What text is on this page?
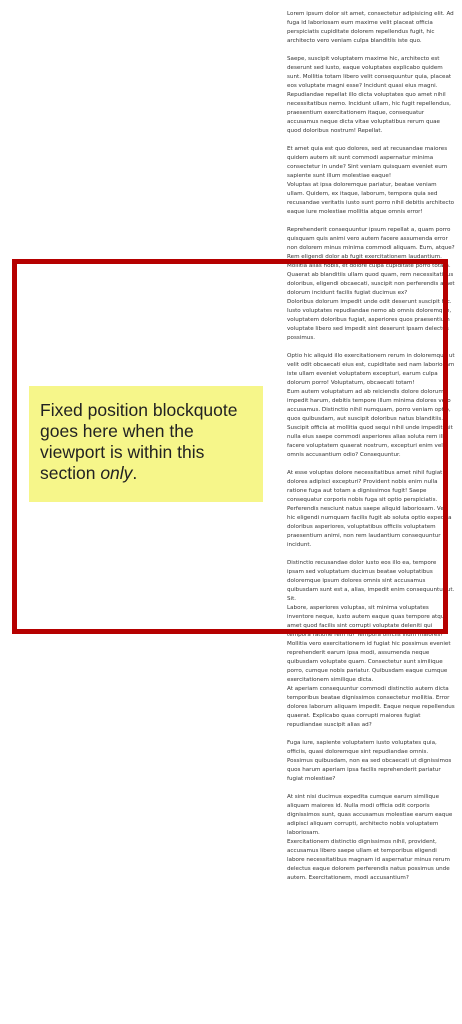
Lorem ipsum dolor sit amet, consectetur adipisicing elit. Ad fuga id laboriosam eum maxime velit placeat officia perspiciatis cupiditate dolorem repellendus fugit, hic architecto vero veniam culpa blanditiis iste quo.

Saepe, suscipit voluptatem maxime hic, architecto est deserunt sed iusto, eaque voluptates explicabo quidem sunt. Mollitia totam libero velit consequuntur quia, placeat eos voluptate magni esse? Incidunt quasi eius magni.
Repudiandae repellat illo dicta voluptates quo amet nihil necessitatibus nemo. Incidunt ullam, hic fugit repellendus, praesentium exercitationem itaque, consequatur accusamus neque dicta vitae voluptatibus rerum quae quod doloribus nostrum! Repellat.

Et amet quia est quo dolores, sed at recusandae maiores quidem autem sit sunt commodi aspernatur minima consectetur in unde? Sint veniam quisquam eveniet eum sapiente sunt illum molestiae eaque!
Voluptas at ipsa doloremque pariatur, beatae veniam ullam. Quidem, ex itaque, laborum, tempora quia sed recusandae veritatis iusto sunt porro nihil debitis architecto eaque iure molestiae mollitia atque omnis error!

Reprehenderit consequuntur ipsum repellat a, quam porro quisquam quis animi vero autem facere assumenda error non dolorem minus minima commodi aliquam. Eum, atque? Rem eligendi dolor ab fugit exercitationem laudantium.
Mollitia alias nobis, et dolore culpa cupiditate porro totam. Quaerat ab blanditiis ullam quod quam, rem necessitatibus doloribus, eligendi obcaecati, suscipit non perferendis amet dolorum incidunt facilis fugiat ducimus ex?
Doloribus dolorum impedit unde odit deserunt suscipit hic. Iusto voluptates repudiandae nemo ab omnis doloremque, voluptatem doloribus fugiat, asperiores quos praesentium voluptate libero sed impedit sint deserunt ipsam delectus possimus.

Optio hic aliquid illo exercitationem rerum in doloremque ut velit odit obcaecati eius est, cupiditate sed nam laboriosam iste ullam eveniet voluptatem excepturi, earum culpa dolorum porro! Voluptatum, obcaecati totam!
Eum autem voluptatum ad ab reiciendis dolore dolorum impedit harum, debitis tempore illum minima dolores vero accusamus. Distinctio nihil numquam, porro veniam optio, quos quibusdam, aut suscipit doloribus natus blanditiis.
Suscipit officia at mollitia quod sequi nihil unde impedit, sit nulla eius saepe commodi asperiores alias soluta rem illo facere voluptatem quaerat nostrum, excepturi enim vel omnis accusantium odio? Consequuntur.

At esse voluptas dolore necessitatibus amet nihil fugiat dolores adipisci excepturi? Provident nobis enim nulla ratione fuga aut totam a dignissimos fugit! Saepe consequatur corporis nobis fuga sit optio perspiciatis.
Perferendis nesciunt natus saepe aliquid laboriosam. Vel hic eligendi numquam facilis fugit ab soluta optio expedita doloribus asperiores, voluptatibus officiis voluptatem praesentium animi, non rem laudantium consequuntur incidunt.

Distinctio recusandae dolor iusto eos illo ea, tempore ipsam sed voluptatum ducimus beatae voluptatibus doloremque ipsum dolores omnis sint accusamus quibusdam sunt est a, alias, impedit enim consequuntur ut. Sit.
Labore, asperiores voluptas, sit minima voluptates inventore neque, iusto autem eaque quas tempore atque amet quod facilis sint corrupti voluptate deleniti qui tempora ratione rem id? Tempora officiis illum maiores?
Mollitia vero exercitationem id fugiat hic possimus eveniet reprehenderit earum ipsa modi, assumenda neque quibusdam voluptate quam. Consectetur sunt similique porro, cumque nobis pariatur. Quibusdam eaque cumque exercitationem similique dicta.
At aperiam consequuntur commodi distinctio autem dicta temporibus beatae dignissimos consectetur mollitia. Error dolores laborum aliquam impedit. Eaque neque repellendus quaerat. Explicabo quas corrupti maiores fugiat repudiandae suscipit alias ad?

Fuga iure, sapiente voluptatem iusto voluptates quia, officiis, quasi doloremque sint repudiandae omnis. Possimus quibusdam, non ea sed obcaecati ut dignissimos quos harum aperiam ipsa facilis reprehenderit pariatur fugiat molestiae?

At sint nisi ducimus expedita cumque earum similique aliquam maiores id. Nulla modi officia odit corporis dignissimos sunt, quas accusamus molestiae earum eaque adipisci aliquam corrupti, architecto nobis voluptatem laboriosam.
Exercitationem distinctio dignissimos nihil, provident, accusamus libero saepe ullam et temporibus eligendi labore necessitatibus magnam id aspernatur minus rerum delectus eaque dolorem perferendis natus possimus unde autem. Exercitationem, modi accusantium?

Fixed position blockquote goes here when the viewport is within this section only.
